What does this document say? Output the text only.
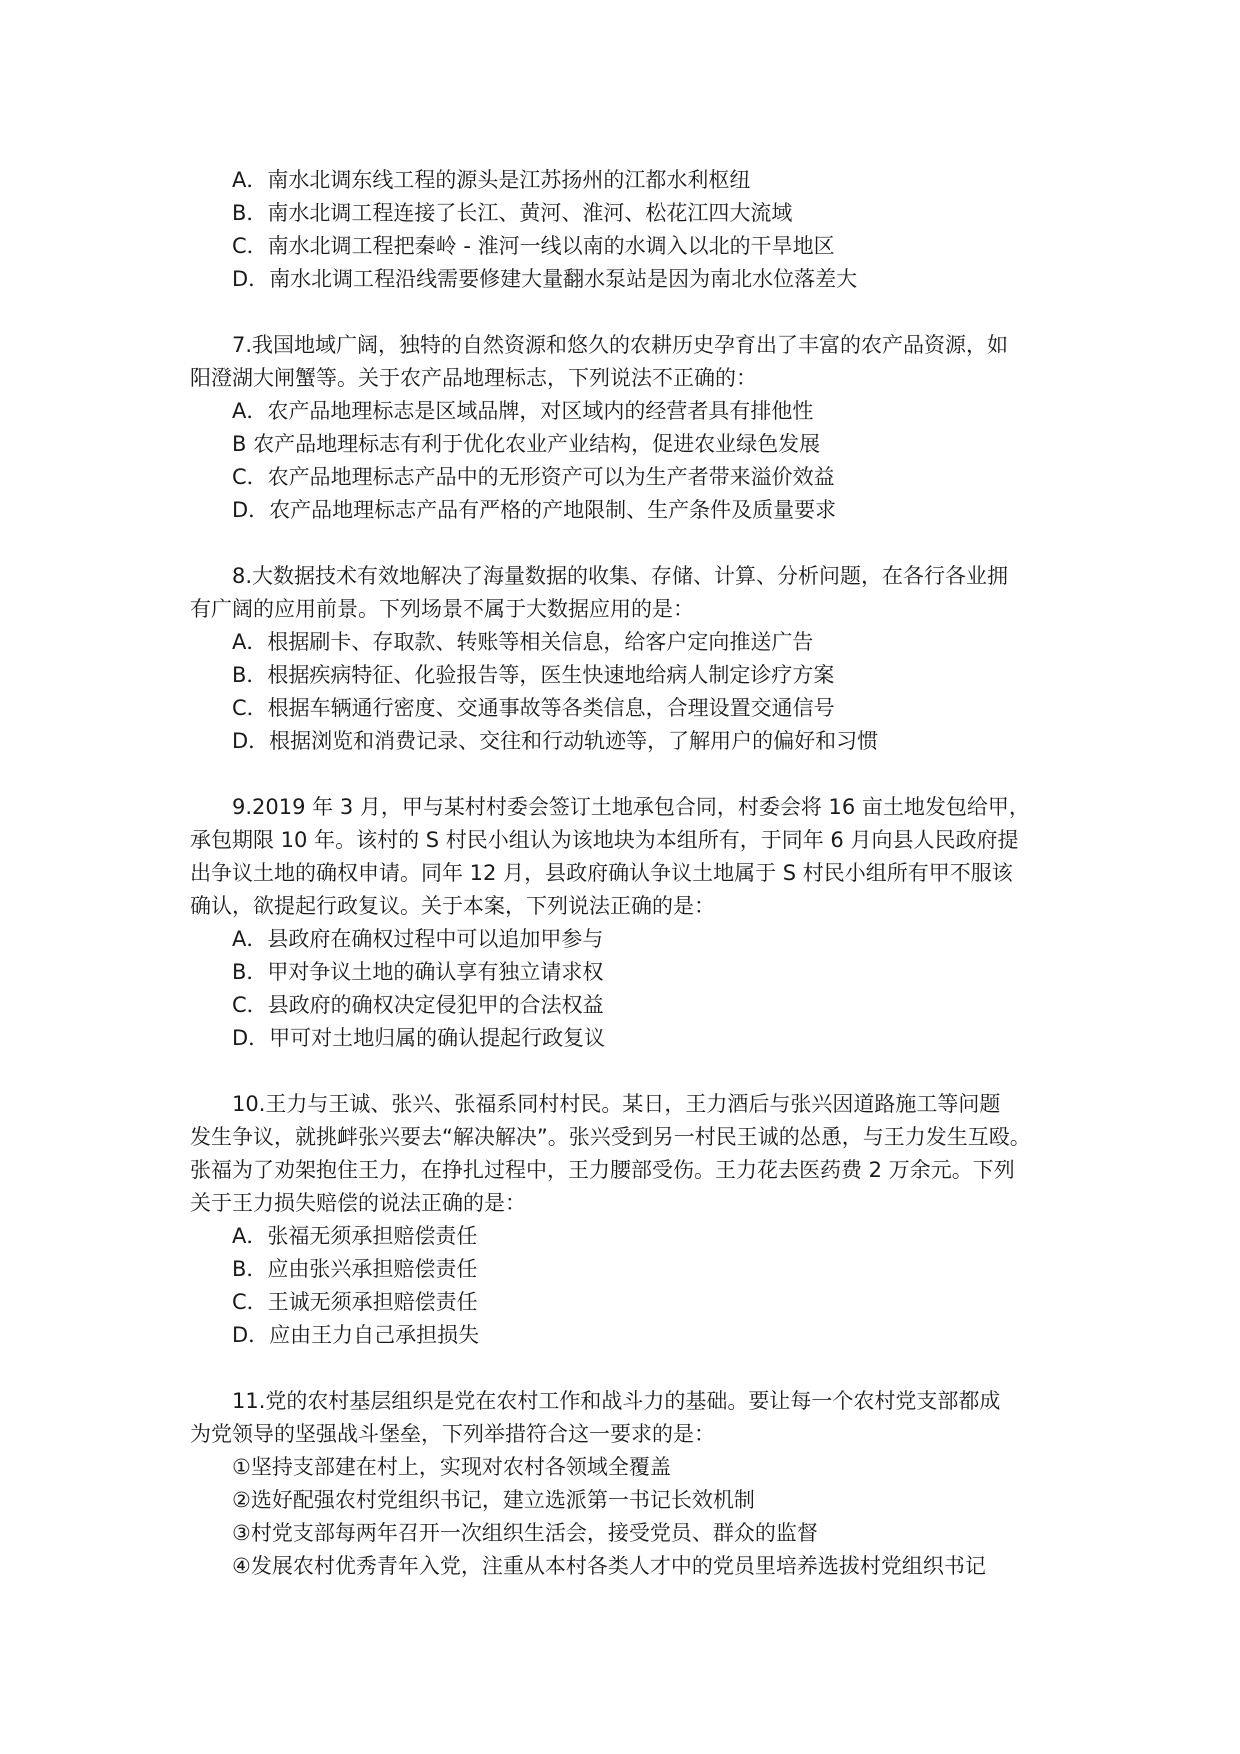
A．南水北调东线工程的源头是江苏扬州的江都水利枢纽
B．南水北调工程连接了长江、黄河、淮河、松花江四大流域
C．南水北调工程把秦岭 - 淮河一线以南的水调入以北的干旱地区
D．南水北调工程沿线需要修建大量翻水泵站是因为南北水位落差大
7.我国地域广阔，独特的自然资源和悠久的农耕历史孕育出了丰富的农产品资源，如
阳澄湖大闸蟹等。关于农产品地理标志，下列说法不正确的：
A．农产品地理标志是区域品牌，对区域内的经营者具有排他性
B 农产品地理标志有利于优化农业产业结构，促进农业绿色发展
C．农产品地理标志产品中的无形资产可以为生产者带来溢价效益
D．农产品地理标志产品有严格的产地限制、生产条件及质量要求
8.大数据技术有效地解决了海量数据的收集、存储、计算、分析问题，在各行各业拥
有广阔的应用前景。下列场景不属于大数据应用的是：
A．根据刷卡、存取款、转账等相关信息，给客户定向推送广告
B．根据疾病特征、化验报告等，医生快速地给病人制定诊疗方案
C．根据车辆通行密度、交通事故等各类信息，合理设置交通信号
D．根据浏览和消费记录、交往和行动轨迹等，了解用户的偏好和习惯
9.2019 年 3 月，甲与某村村委会签订土地承包合同，村委会将 16 亩土地发包给甲，
承包期限 10 年。该村的 S 村民小组认为该地块为本组所有，于同年 6 月向县人民政府提
出争议土地的确权申请。同年 12 月，县政府确认争议土地属于 S 村民小组所有甲不服该
确认，欲提起行政复议。关于本案，下列说法正确的是：
A．县政府在确权过程中可以追加甲参与
B．甲对争议土地的确认享有独立请求权
C．县政府的确权决定侵犯甲的合法权益
D．甲可对土地归属的确认提起行政复议
10.王力与王诚、张兴、张福系同村村民。某日，王力酒后与张兴因道路施工等问题
发生争议，就挑衅张兴要去“解决解决”。张兴受到另一村民王诚的怂恿，与王力发生互殴。
张福为了劝架抱住王力，在挣扎过程中，王力腰部受伤。王力花去医药费 2 万余元。下列
关于王力损失赔偿的说法正确的是：
A．张福无须承担赔偿责任
B．应由张兴承担赔偿责任
C．王诚无须承担赔偿责任
D．应由王力自己承担损失
11.党的农村基层组织是党在农村工作和战斗力的基础。要让每一个农村党支部都成
为党领导的坚强战斗堡垒，下列举措符合这一要求的是：
①坚持支部建在村上，实现对农村各领域全覆盖
②选好配强农村党组织书记，建立选派第一书记长效机制
③村党支部每两年召开一次组织生活会，接受党员、群众的监督
④发展农村优秀青年入党，注重从本村各类人才中的党员里培养选拔村党组织书记
